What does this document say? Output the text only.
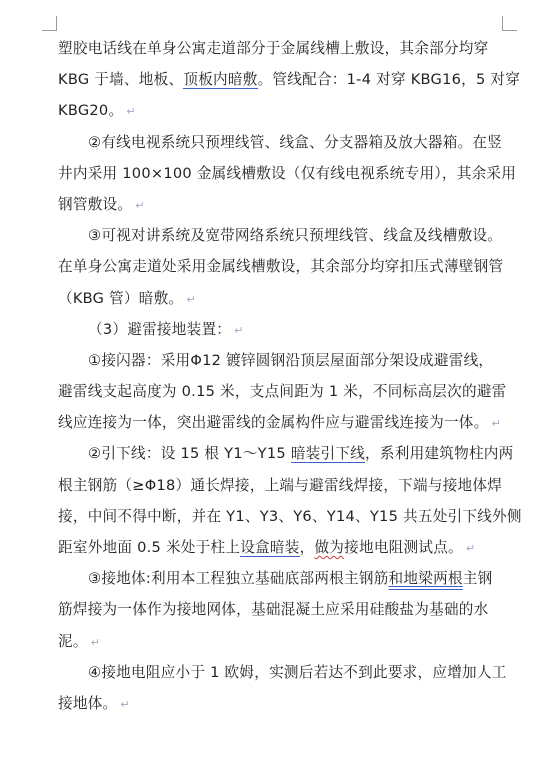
塑胶电话线在单身公寓走道部分于金属线槽上敷设，其余部分均穿
KBG 于墙、地板、顶板内暗敷。管线配合：1-4 对穿 KBG16，5 对穿
KBG20。 ↵
②有线电视系统只预埋线管、线盒、分支器箱及放大器箱。在竖
井内采用 100×100 金属线槽敷设（仅有线电视系统专用），其余采用
钢管敷设。 ↵
③可视对讲系统及宽带网络系统只预埋线管、线盒及线槽敷设。
在单身公寓走道处采用金属线槽敷设，其余部分均穿扣压式薄壁钢管
（KBG 管）暗敷。 ↵
（3）避雷接地装置： ↵
①接闪器：采用Φ12 镀锌圆钢沿顶层屋面部分架设成避雷线，
避雷线支起高度为 0.15 米，支点间距为 1 米，不同标高层次的避雷
线应连接为一体，突出避雷线的金属构件应与避雷线连接为一体。 ↵
②引下线：设 15 根 Y1～Y15 暗装引下线，系利用建筑物柱内两
根主钢筋（≥Φ18）通长焊接，上端与避雷线焊接，下端与接地体焊
接，中间不得中断，并在 Y1、Y3、Y6、Y14、Y15 共五处引下线外侧
距室外地面 0.5 米处于柱上设盒暗装，做为接地电阻测试点。 ↵
③接地体:利用本工程独立基础底部两根主钢筋和地梁两根主钢
筋焊接为一体作为接地网体，基础混凝土应采用硅酸盐为基础的水
泥。 ↵
④接地电阻应小于 1 欧姆，实测后若达不到此要求，应增加人工
接地体。 ↵
